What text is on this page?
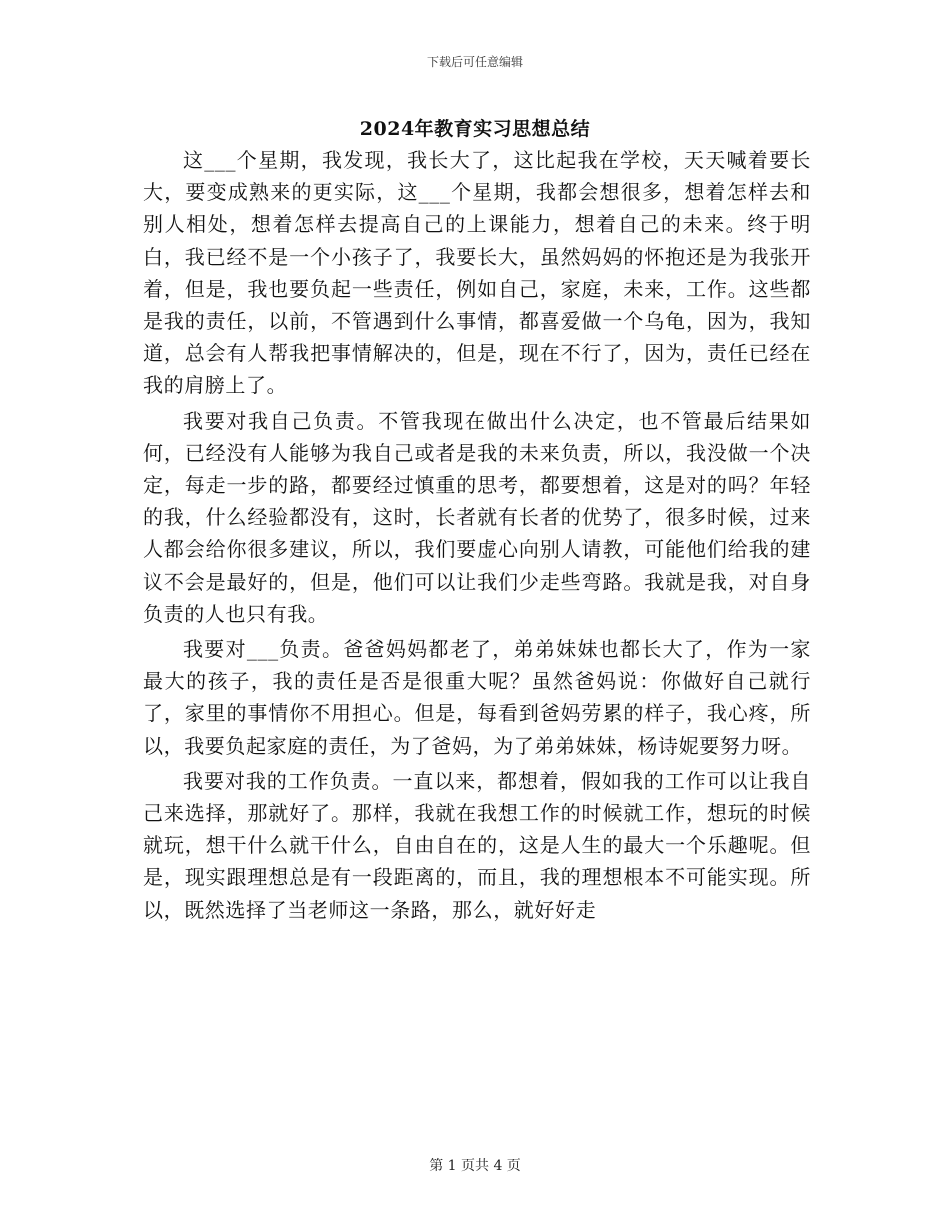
下载后可任意编辑
2024年教育实习思想总结

这___个星期，我发现，我长大了，这比起我在学校，天天喊着要长大，要变成熟来的更实际，这___个星期，我都会想很多，想着怎样去和别人相处，想着怎样去提高自己的上课能力，想着自己的未来。终于明白，我已经不是一个小孩子了，我要长大，虽然妈妈的怀抱还是为我张开着，但是，我也要负起一些责任，例如自己，家庭，未来，工作。这些都是我的责任，以前，不管遇到什么事情，都喜爱做一个乌龟，因为，我知道，总会有人帮我把事情解决的，但是，现在不行了，因为，责任已经在我的肩膀上了。

我要对我自己负责。不管我现在做出什么决定，也不管最后结果如何，已经没有人能够为我自己或者是我的未来负责，所以，我没做一个决定，每走一步的路，都要经过慎重的思考，都要想着，这是对的吗？年轻的我，什么经验都没有，这时，长者就有长者的优势了，很多时候，过来人都会给你很多建议，所以，我们要虚心向别人请教，可能他们给我的建议不会是最好的，但是，他们可以让我们少走些弯路。我就是我，对自身负责的人也只有我。

我要对___负责。爸爸妈妈都老了，弟弟妹妹也都长大了，作为一家最大的孩子，我的责任是否是很重大呢？虽然爸妈说：你做好自己就行了，家里的事情你不用担心。但是，每看到爸妈劳累的样子，我心疼，所以，我要负起家庭的责任，为了爸妈，为了弟弟妹妹，杨诗妮要努力呀。

我要对我的工作负责。一直以来，都想着，假如我的工作可以让我自己来选择，那就好了。那样，我就在我想工作的时候就工作，想玩的时候就玩，想干什么就干什么，自由自在的，这是人生的最大一个乐趣呢。但是，现实跟理想总是有一段距离的，而且，我的理想根本不可能实现。所以，既然选择了当老师这一条路，那么，就好好走

第 1 页共 4 页
